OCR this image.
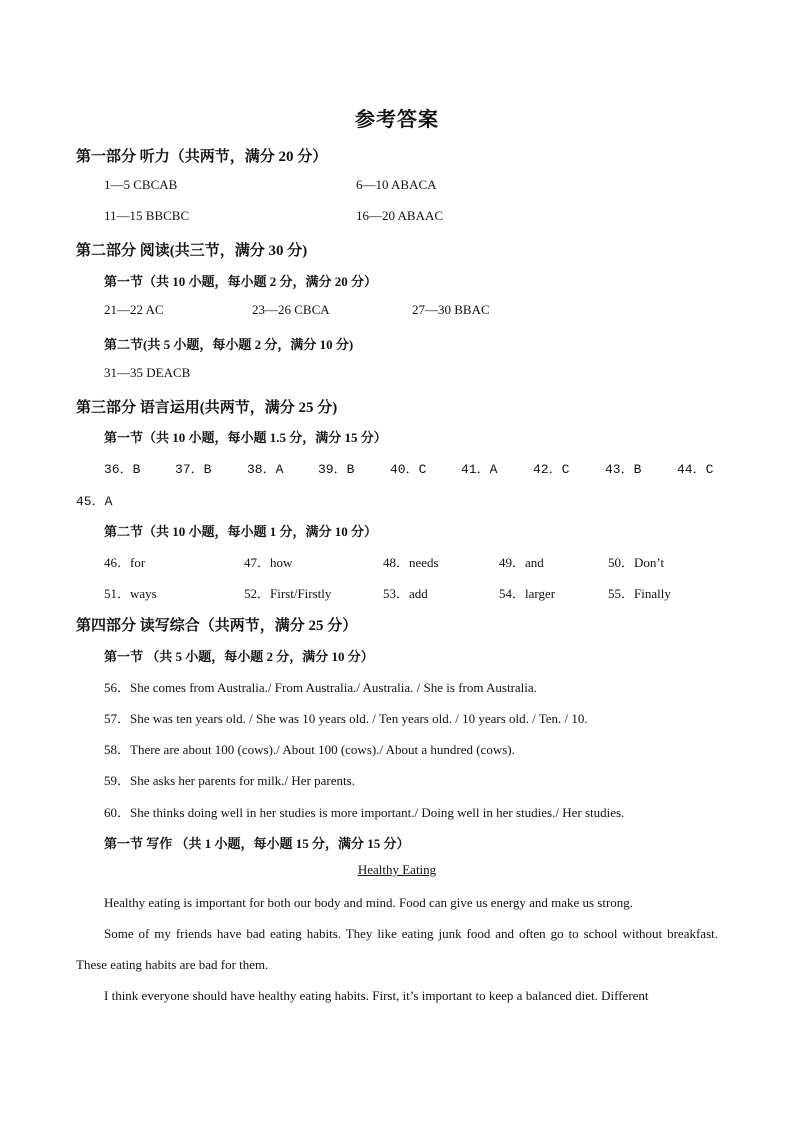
参考答案
第一部分 听力（共两节，满分 20 分）
1—5 CBCAB	6—10 ABACA
11—15 BBCBC	16—20 ABAAC
第二部分 阅读(共三节，满分 30 分)
第一节（共 10 小题，每小题 2 分，满分 20 分）
21—22 AC	23—26 CBCA	27—30 BBAC
第二节(共 5 小题，每小题 2 分，满分 10 分)
31—35 DEACB
第三部分 语言运用(共两节，满分 25 分)
第一节（共 10 小题，每小题 1.5 分，满分 15 分）
36．B	37．B	38．A	39．B	40．C	41．A	42．C	43．B	44．C
45．A
第二节（共 10 小题，每小题 1 分，满分 10 分）
46．for	47．how	48．needs	49．and	50．Don’t
51．ways	52．First/Firstly	53．add	54．larger	55．Finally
第四部分 读写综合（共两节，满分 25 分）
第一节 （共 5 小题，每小题 2 分，满分 10 分）
56．She comes from Australia./ From Australia./ Australia. / She is from Australia.
57．She was ten years old. / She was 10 years old. / Ten years old. / 10 years old. / Ten. / 10.
58．There are about 100 (cows)./ About 100 (cows)./ About a hundred (cows).
59．She asks her parents for milk./ Her parents.
60．She thinks doing well in her studies is more important./ Doing well in her studies./ Her studies.
第一节 写作 （共 1 小题，每小题 15 分，满分 15 分）
Healthy Eating
Healthy eating is important for both our body and mind. Food can give us energy and make us strong.
Some of my friends have bad eating habits. They like eating junk food and often go to school without breakfast. These eating habits are bad for them.
I think everyone should have healthy eating habits. First, it’s important to keep a balanced diet. Different
